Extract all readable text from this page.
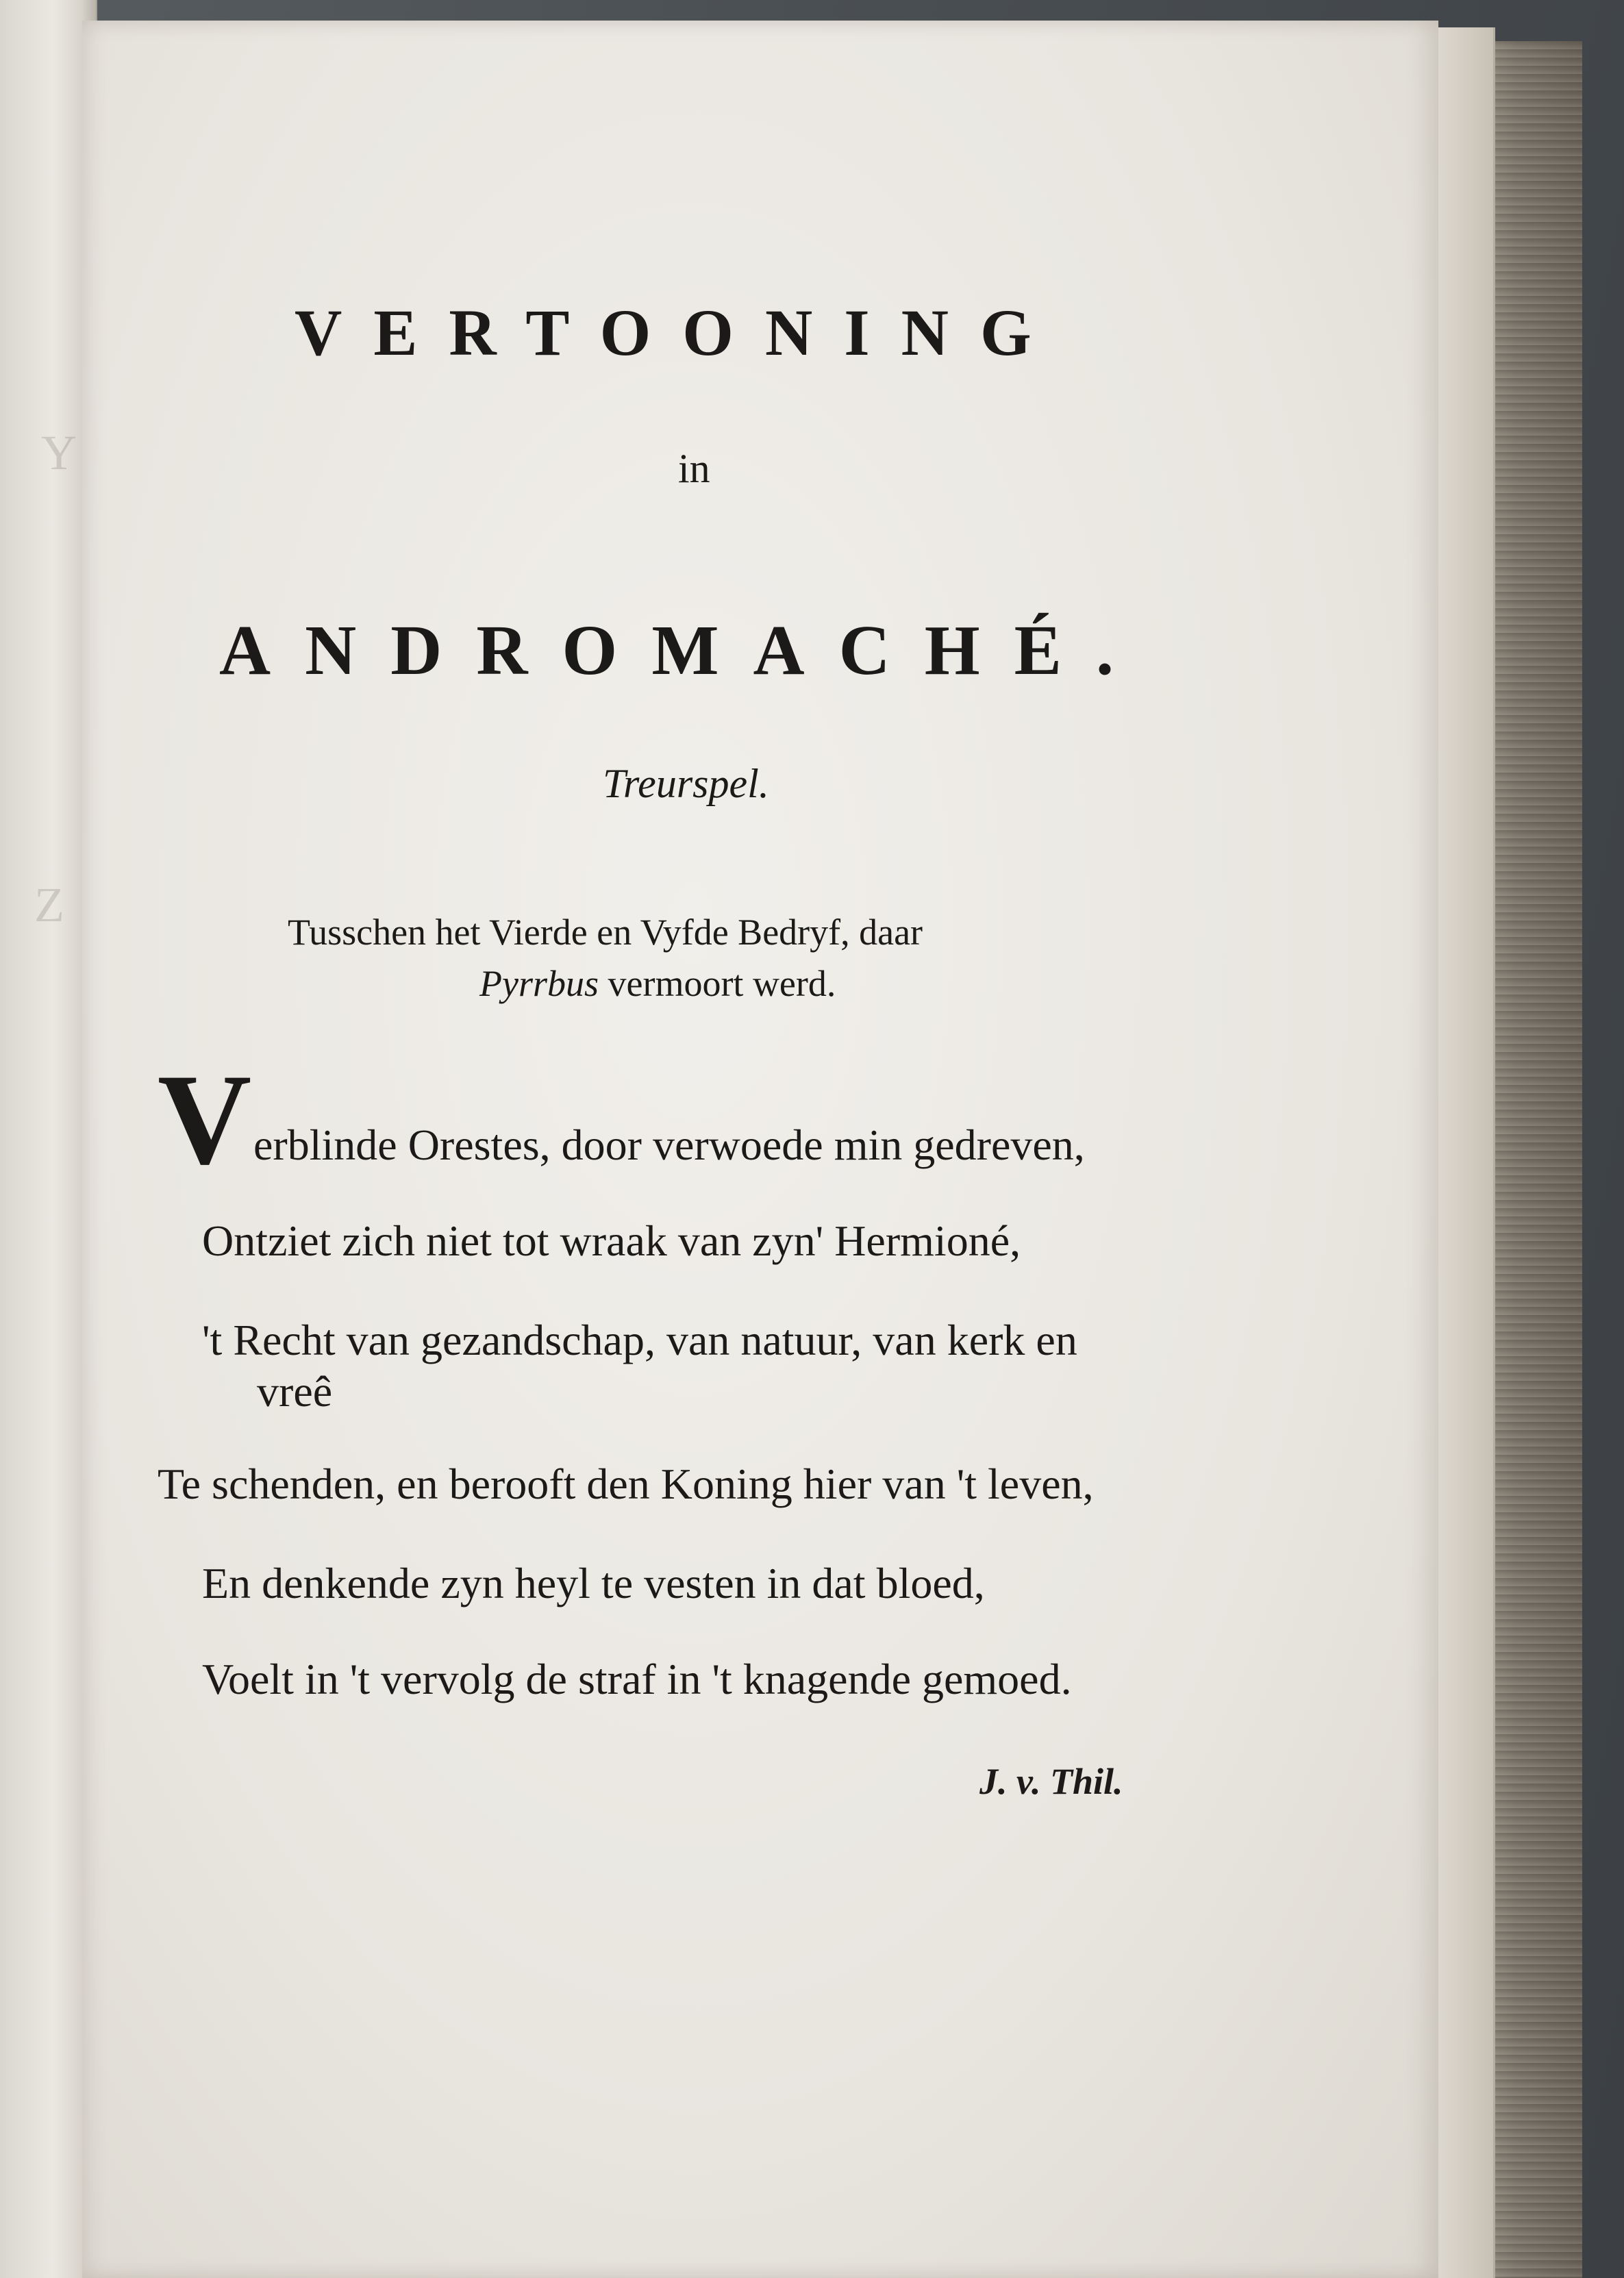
Y
Z
VERTOONING
in
ANDROMACHÉ.
Treurspel.
Tusschen het Vierde en Vyfde Bedryf, daar
Pyrrbus vermoort werd.
V erblinde Orestes, door verwoede min gedreven,
Ontziet zich niet tot wraak van zyn' Hermioné,
't Recht van gezandschap, van natuur, van kerk en
vreê
Te schenden, en berooft den Koning hier van 't leven,
En denkende zyn heyl te vesten in dat bloed,
Voelt in 't vervolg de straf in 't knagende gemoed.
J. v. Thil.
